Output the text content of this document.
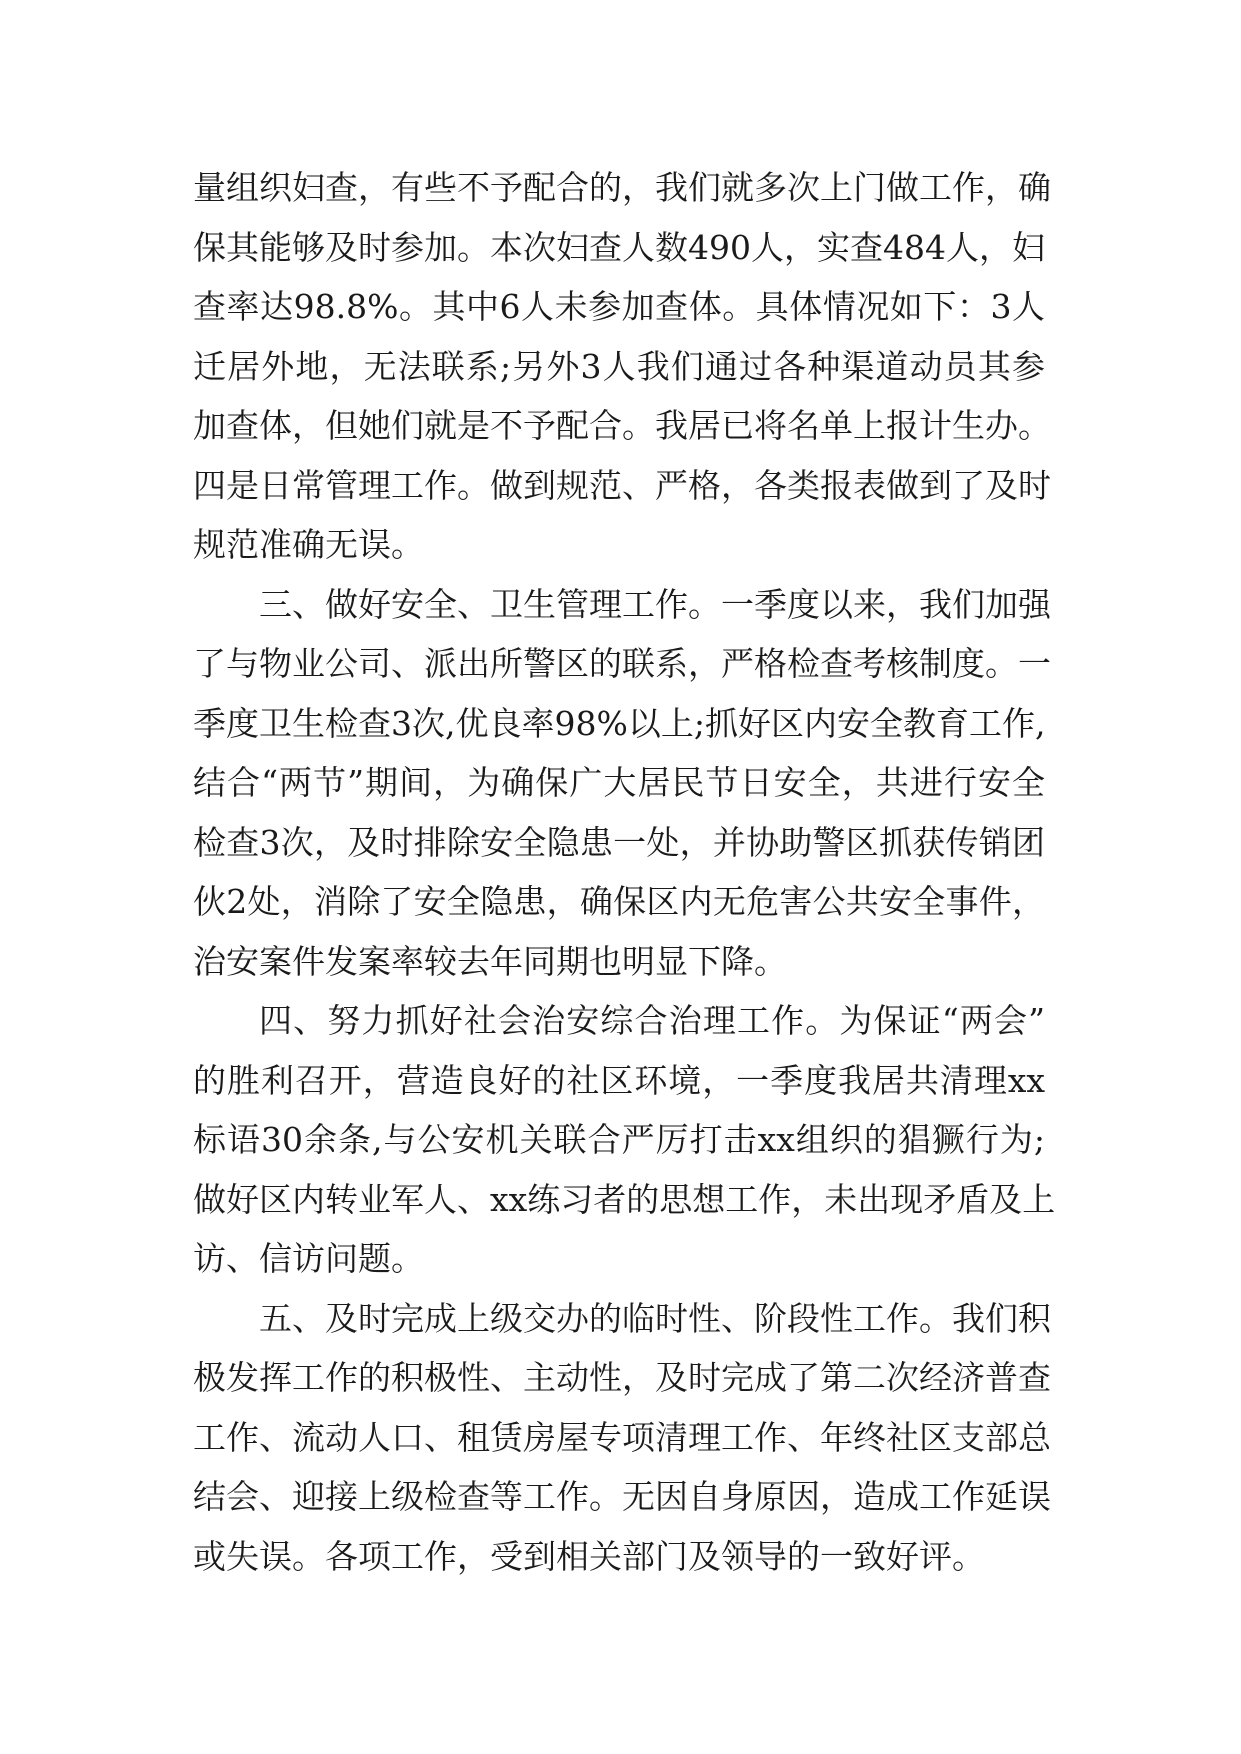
量组织妇查，有些不予配合的，我们就多次上门做工作，确
保其能够及时参加。本次妇查人数490人，实查484人，妇
查率达98.8%。其中6人未参加查体。具体情况如下：3人
迁居外地，无法联系;另外3人我们通过各种渠道动员其参
加查体，但她们就是不予配合。我居已将名单上报计生办。
四是日常管理工作。做到规范、严格，各类报表做到了及时
规范准确无误。
三、做好安全、卫生管理工作。一季度以来，我们加强
了与物业公司、派出所警区的联系，严格检查考核制度。一
季度卫生检查3次,优良率98%以上;抓好区内安全教育工作,
结合“两节”期间，为确保广大居民节日安全，共进行安全
检查3次，及时排除安全隐患一处，并协助警区抓获传销团
伙2处，消除了安全隐患，确保区内无危害公共安全事件，
治安案件发案率较去年同期也明显下降。
四、努力抓好社会治安综合治理工作。为保证“两会”
的胜利召开，营造良好的社区环境，一季度我居共清理xx
标语30余条,与公安机关联合严厉打击xx组织的猖獗行为;
做好区内转业军人、xx练习者的思想工作，未出现矛盾及上
访、信访问题。
五、及时完成上级交办的临时性、阶段性工作。我们积
极发挥工作的积极性、主动性，及时完成了第二次经济普查
工作、流动人口、租赁房屋专项清理工作、年终社区支部总
结会、迎接上级检查等工作。无因自身原因，造成工作延误
或失误。各项工作，受到相关部门及领导的一致好评。
